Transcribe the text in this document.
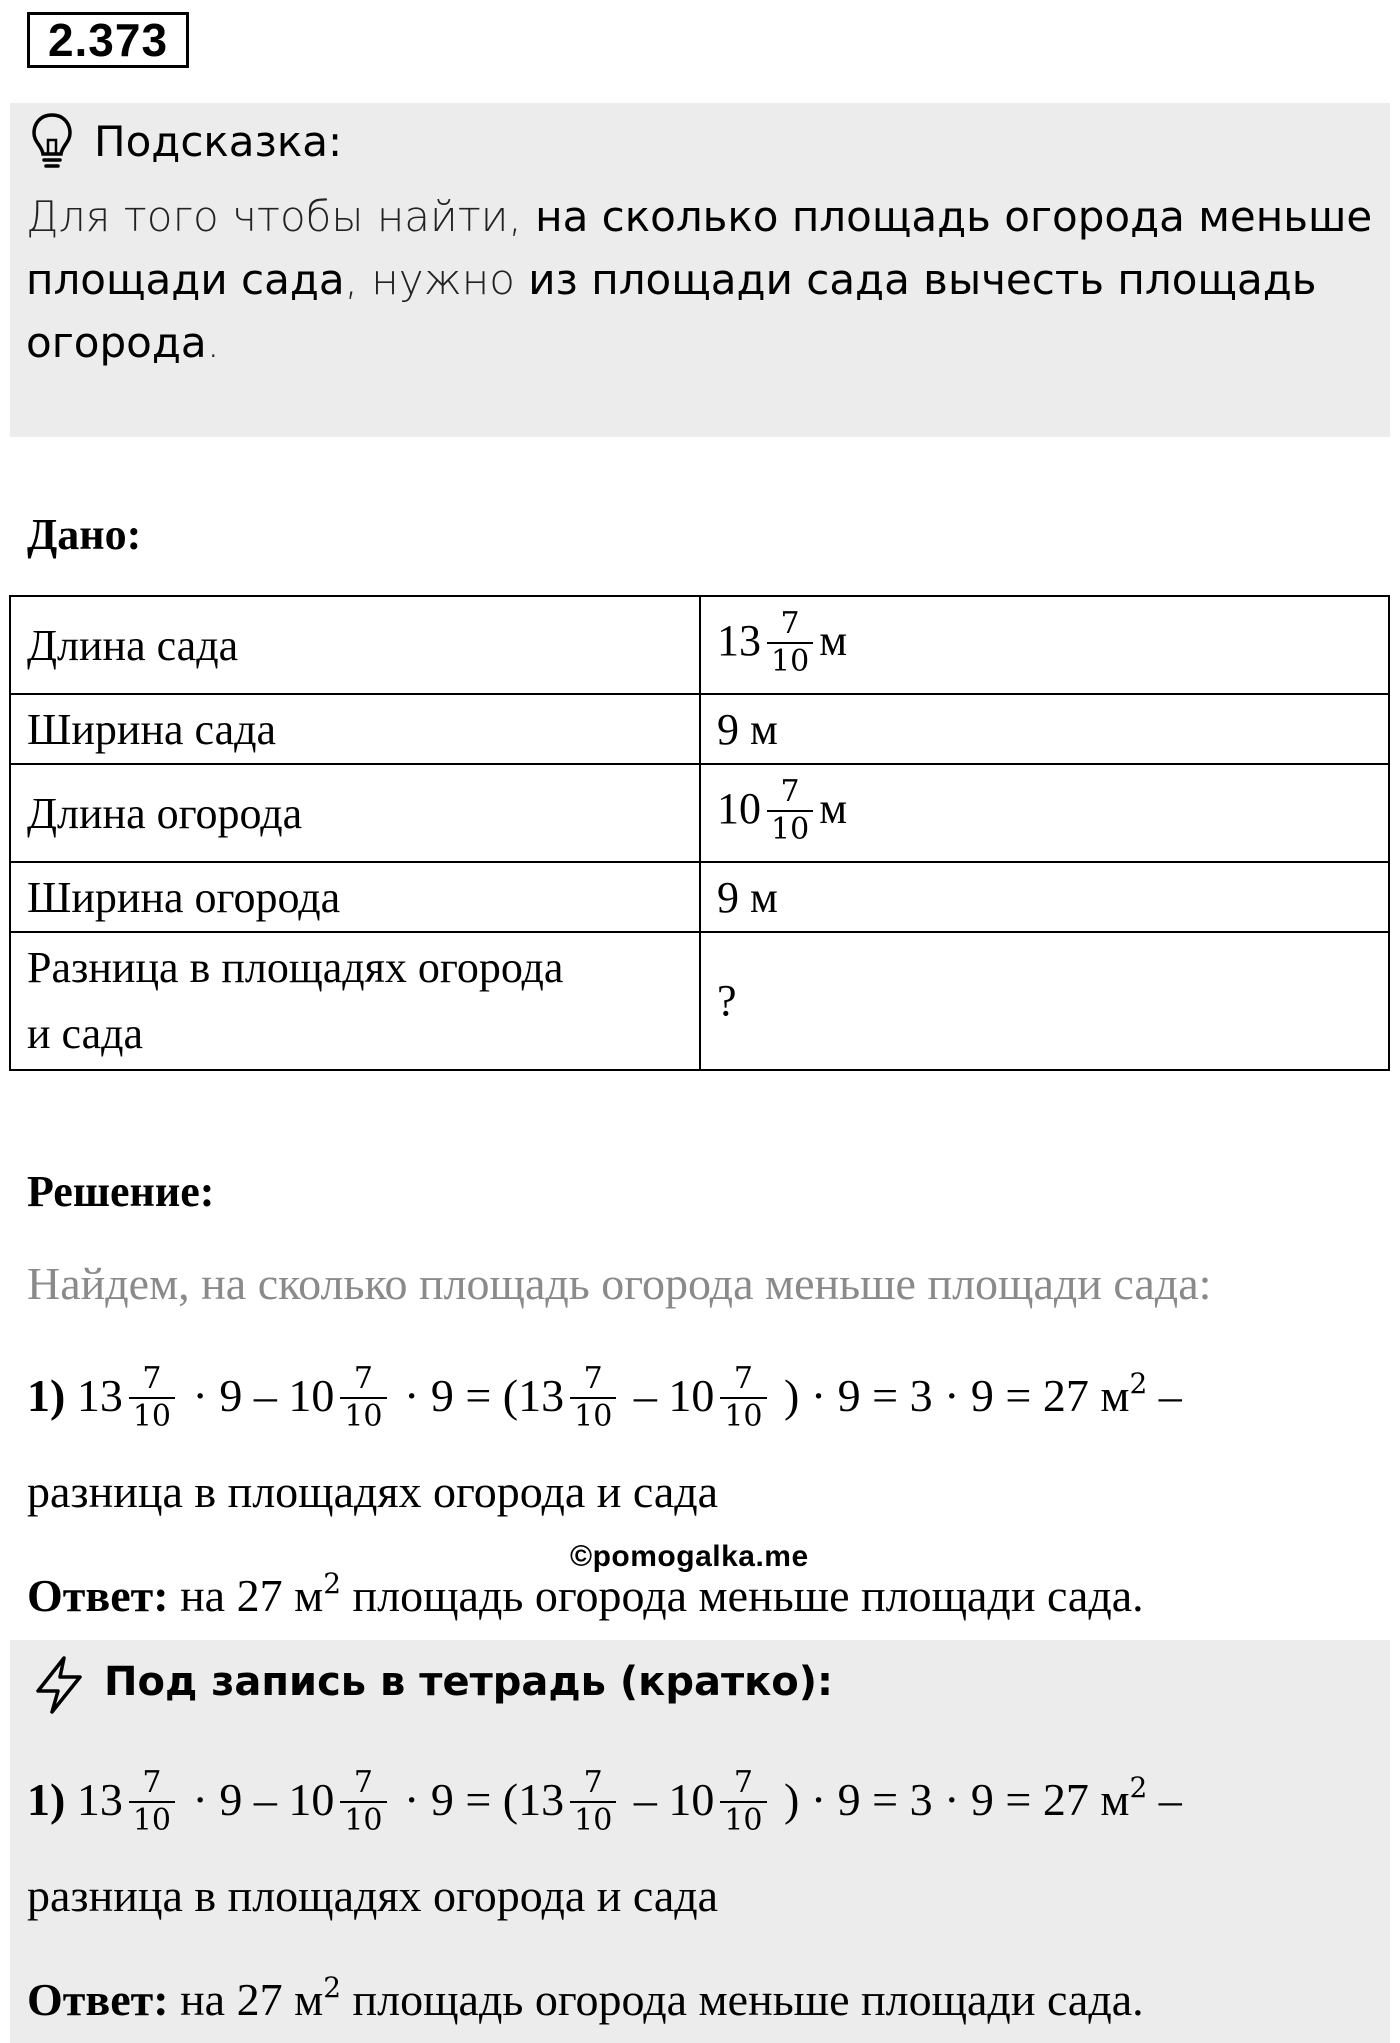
2.373
Подсказка:
Для того чтобы найти, на сколько площадь огорода меньше площади сада, нужно из площади сада вычесть площадь огорода.
Дано:
Длина сада	$13 \frac{7}{10}$ м
Ширина сада	9 м
Длина огорода	$10 \frac{7}{10}$ м
Ширина огорода	9 м
Разница в площадях огорода
и сада	?
Решение:
Найдем, на сколько площадь огорода меньше площади сада:
1) $13 \frac{7}{10} \cdot 9 - 10 \frac{7}{10} \cdot 9 = (13 \frac{7}{10} - 10 \frac{7}{10}$ ) · 9 = 3 · 9 = 27 $м^2$ –
разница в площадях огорода и сада
Ответ: на 27 $м^2$ площадь огорода меньше площади сада.
©pomogalka.me
Под запись в тетрадь (кратко):
1) $13 \frac{7}{10} \cdot 9 - 10 \frac{7}{10} \cdot 9 = (13 \frac{7}{10} - 10 \frac{7}{10}$ ) · 9 = 3 · 9 = 27 $м^2$ –
разница в площадях огорода и сада
Ответ: на 27 $м^2$ площадь огорода меньше площади сада.
